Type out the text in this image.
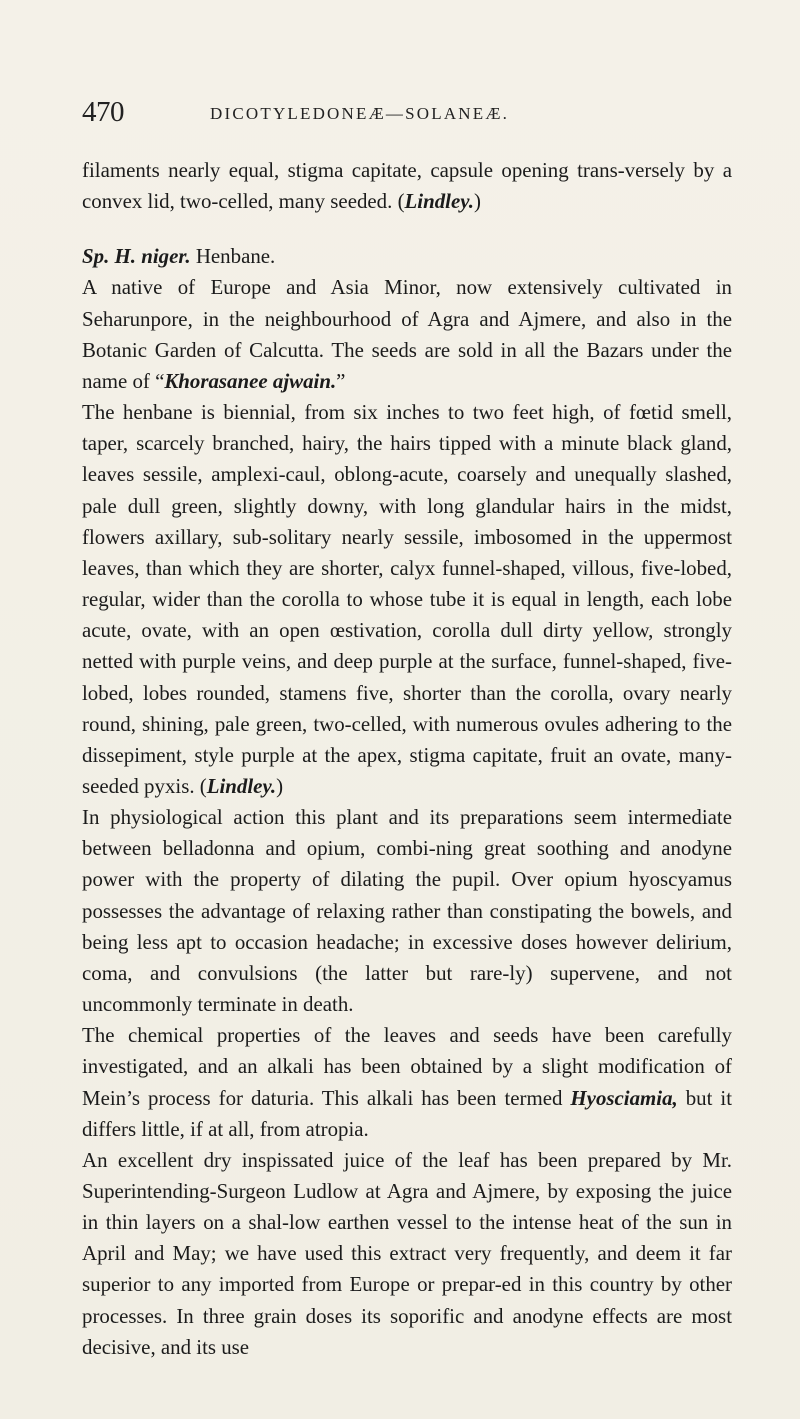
470	DICOTYLEDONEÆ—SOLANEÆ.

filaments nearly equal, stigma capitate, capsule opening trans-versely by a convex lid, two-celled, many seeded. (Lindley.)

Sp. H. niger. Henbane.

A native of Europe and Asia Minor, now extensively cultivated in Seharunpore, in the neighbourhood of Agra and Ajmere, and also in the Botanic Garden of Calcutta. The seeds are sold in all the Bazars under the name of “Khorasanee ajwain.”

The henbane is biennial, from six inches to two feet high, of fœtid smell, taper, scarcely branched, hairy, the hairs tipped with a minute black gland, leaves sessile, amplexi-caul, oblong-acute, coarsely and unequally slashed, pale dull green, slightly downy, with long glandular hairs in the midst, flowers axillary, sub-solitary nearly sessile, imbosomed in the uppermost leaves, than which they are shorter, calyx funnel-shaped, villous, five-lobed, regular, wider than the corolla to whose tube it is equal in length, each lobe acute, ovate, with an open œstivation, corolla dull dirty yellow, strongly netted with purple veins, and deep purple at the surface, funnel-shaped, five-lobed, lobes rounded, stamens five, shorter than the corolla, ovary nearly round, shining, pale green, two-celled, with numerous ovules adhering to the dissepiment, style purple at the apex, stigma capitate, fruit an ovate, many-seeded pyxis. (Lindley.)

In physiological action this plant and its preparations seem intermediate between belladonna and opium, combi-ning great soothing and anodyne power with the property of dilating the pupil. Over opium hyoscyamus possesses the advantage of relaxing rather than constipating the bowels, and being less apt to occasion headache; in excessive doses however delirium, coma, and convulsions (the latter but rare-ly) supervene, and not uncommonly terminate in death.

The chemical properties of the leaves and seeds have been carefully investigated, and an alkali has been obtained by a slight modification of Mein’s process for daturia. This alkali has been termed Hyosciamia, but it differs little, if at all, from atropia.

An excellent dry inspissated juice of the leaf has been prepared by Mr. Superintending-Surgeon Ludlow at Agra and Ajmere, by exposing the juice in thin layers on a shal-low earthen vessel to the intense heat of the sun in April and May; we have used this extract very frequently, and deem it far superior to any imported from Europe or prepar-ed in this country by other processes. In three grain doses its soporific and anodyne effects are most decisive, and its use
